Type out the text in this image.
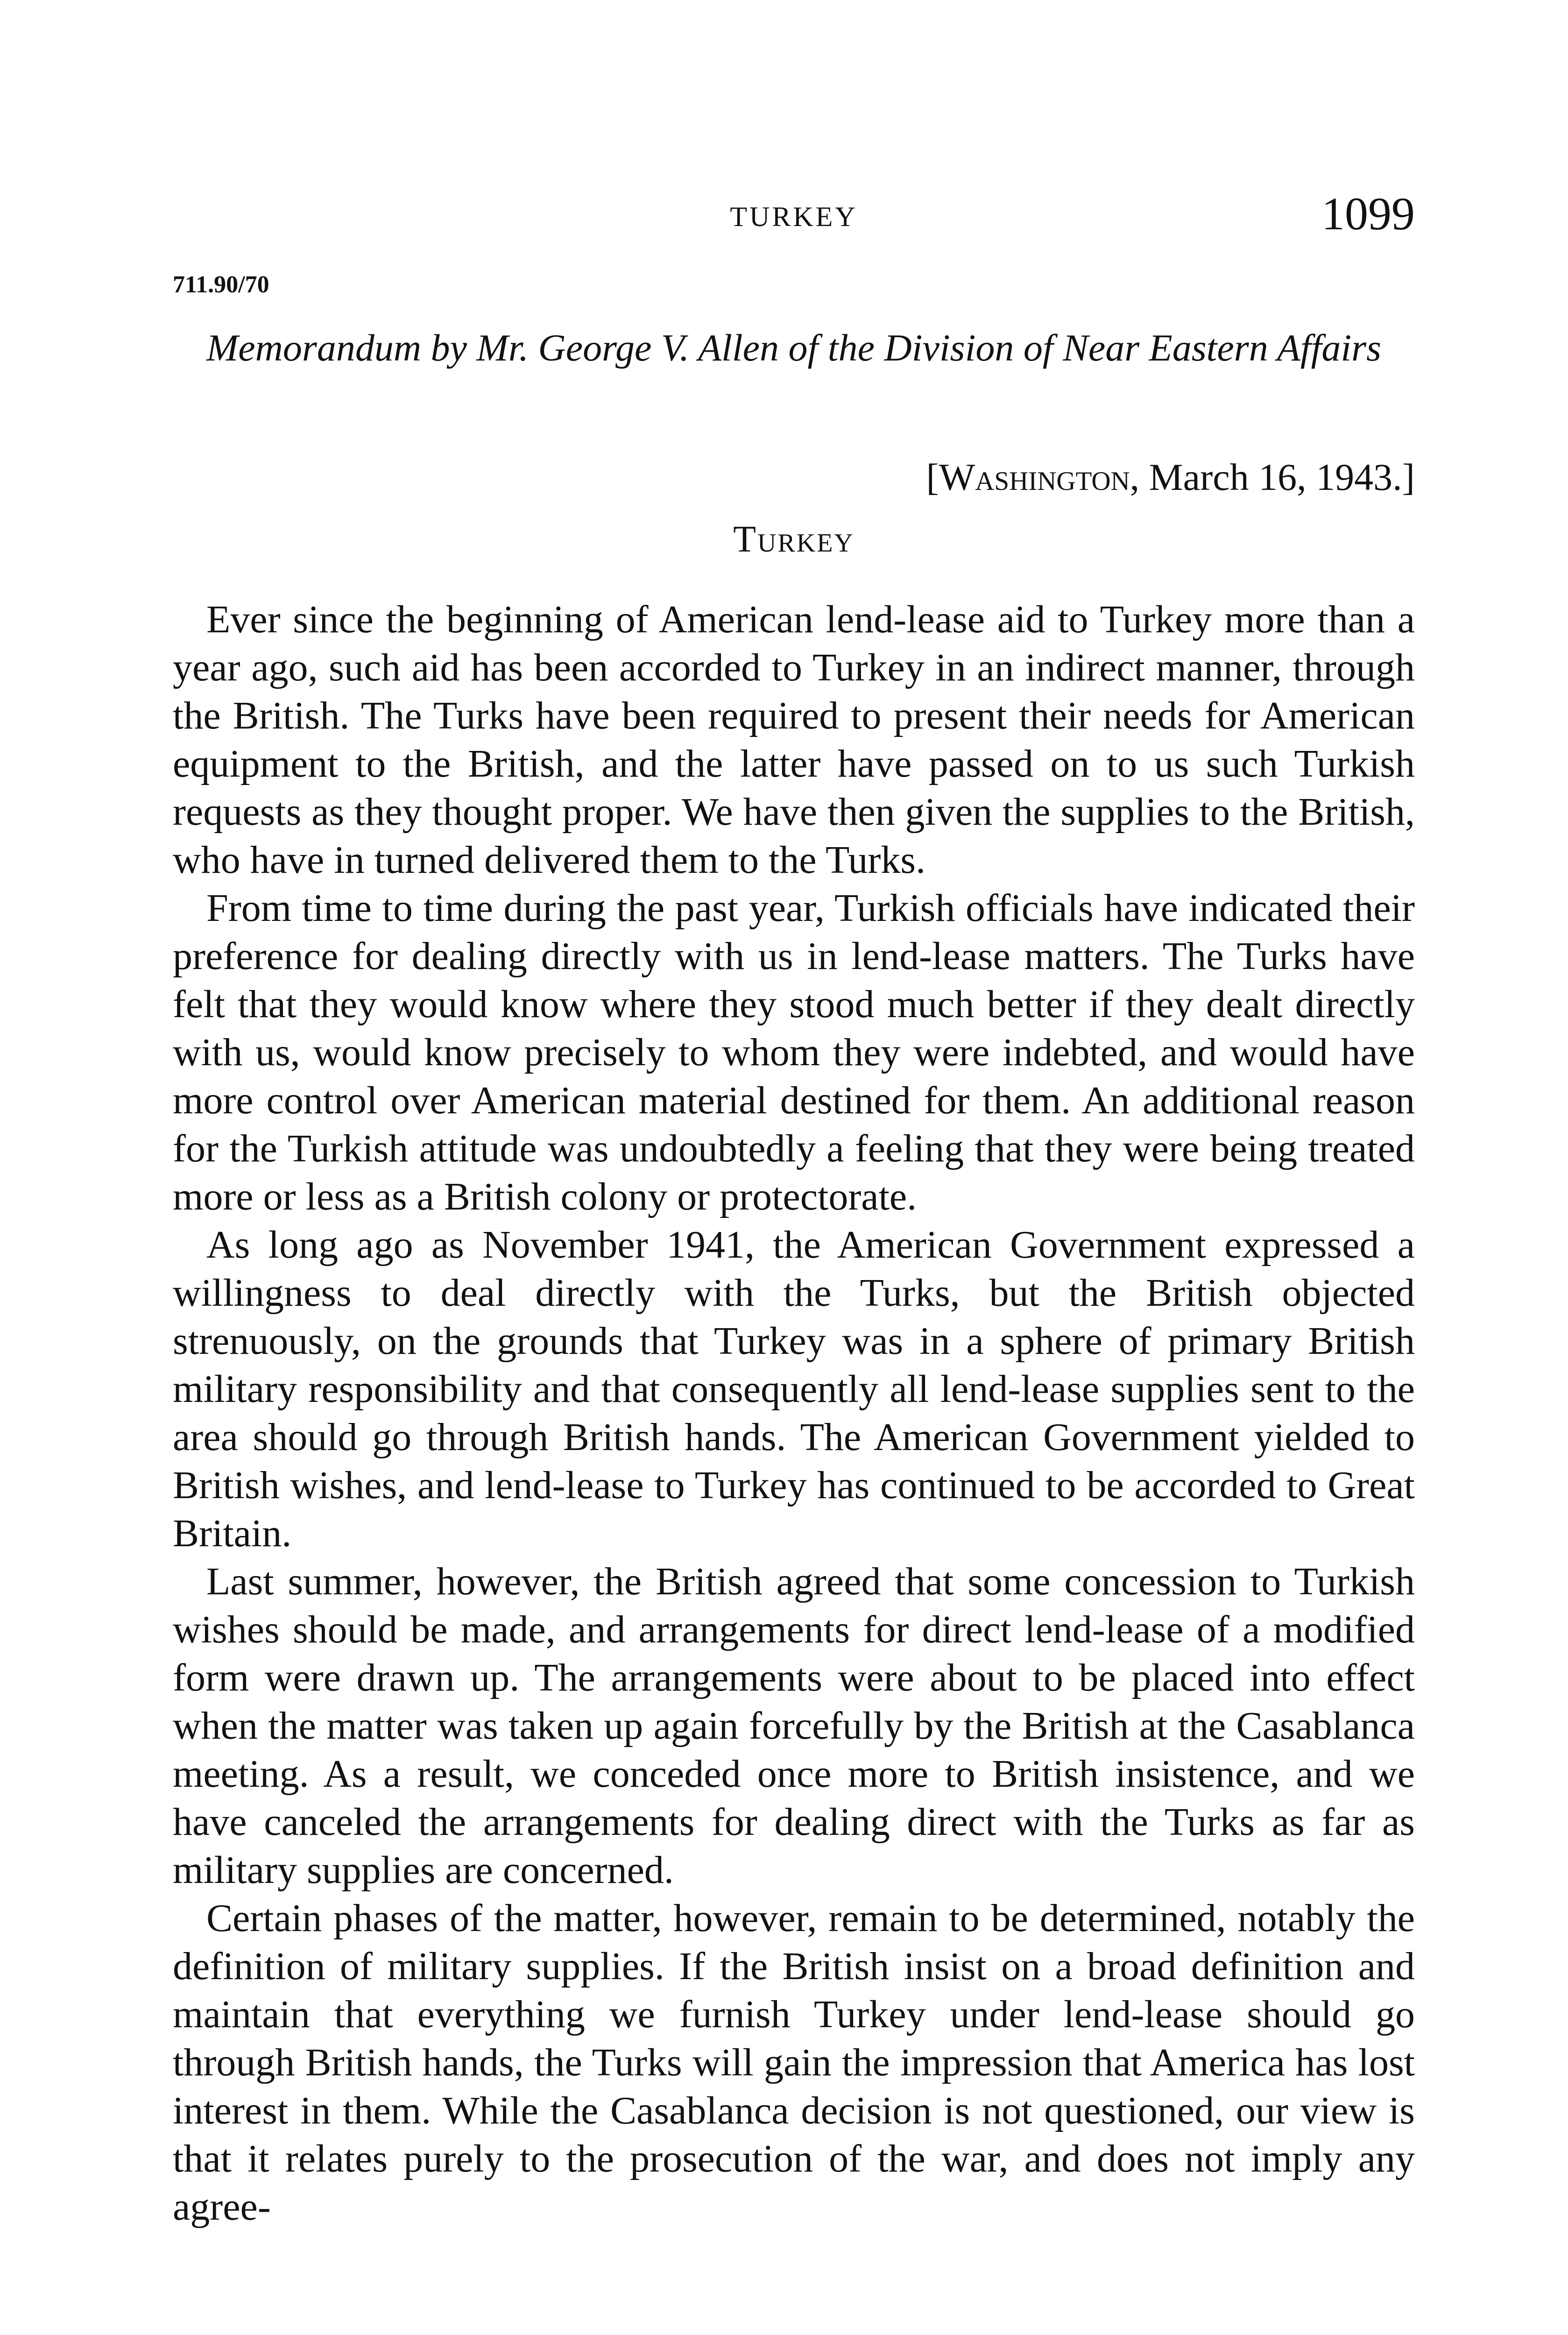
TURKEY	1099
711.90/70
Memorandum by Mr. George V. Allen of the Division of Near Eastern Affairs
[Washington, March 16, 1943.]
Turkey

Ever since the beginning of American lend-lease aid to Turkey more than a year ago, such aid has been accorded to Turkey in an indirect manner, through the British. The Turks have been required to present their needs for American equipment to the British, and the latter have passed on to us such Turkish requests as they thought proper. We have then given the supplies to the British, who have in turned delivered them to the Turks.

From time to time during the past year, Turkish officials have indicated their preference for dealing directly with us in lend-lease matters. The Turks have felt that they would know where they stood much better if they dealt directly with us, would know precisely to whom they were indebted, and would have more control over American material destined for them. An additional reason for the Turkish attitude was undoubtedly a feeling that they were being treated more or less as a British colony or protectorate.

As long ago as November 1941, the American Government expressed a willingness to deal directly with the Turks, but the British objected strenuously, on the grounds that Turkey was in a sphere of primary British military responsibility and that consequently all lend-lease supplies sent to the area should go through British hands. The American Government yielded to British wishes, and lend-lease to Turkey has continued to be accorded to Great Britain.

Last summer, however, the British agreed that some concession to Turkish wishes should be made, and arrangements for direct lend-lease of a modified form were drawn up. The arrangements were about to be placed into effect when the matter was taken up again forcefully by the British at the Casablanca meeting. As a result, we conceded once more to British insistence, and we have canceled the arrangements for dealing direct with the Turks as far as military supplies are concerned.

Certain phases of the matter, however, remain to be determined, notably the definition of military supplies. If the British insist on a broad definition and maintain that everything we furnish Turkey under lend-lease should go through British hands, the Turks will gain the impression that America has lost interest in them. While the Casablanca decision is not questioned, our view is that it relates purely to the prosecution of the war, and does not imply any agree-
